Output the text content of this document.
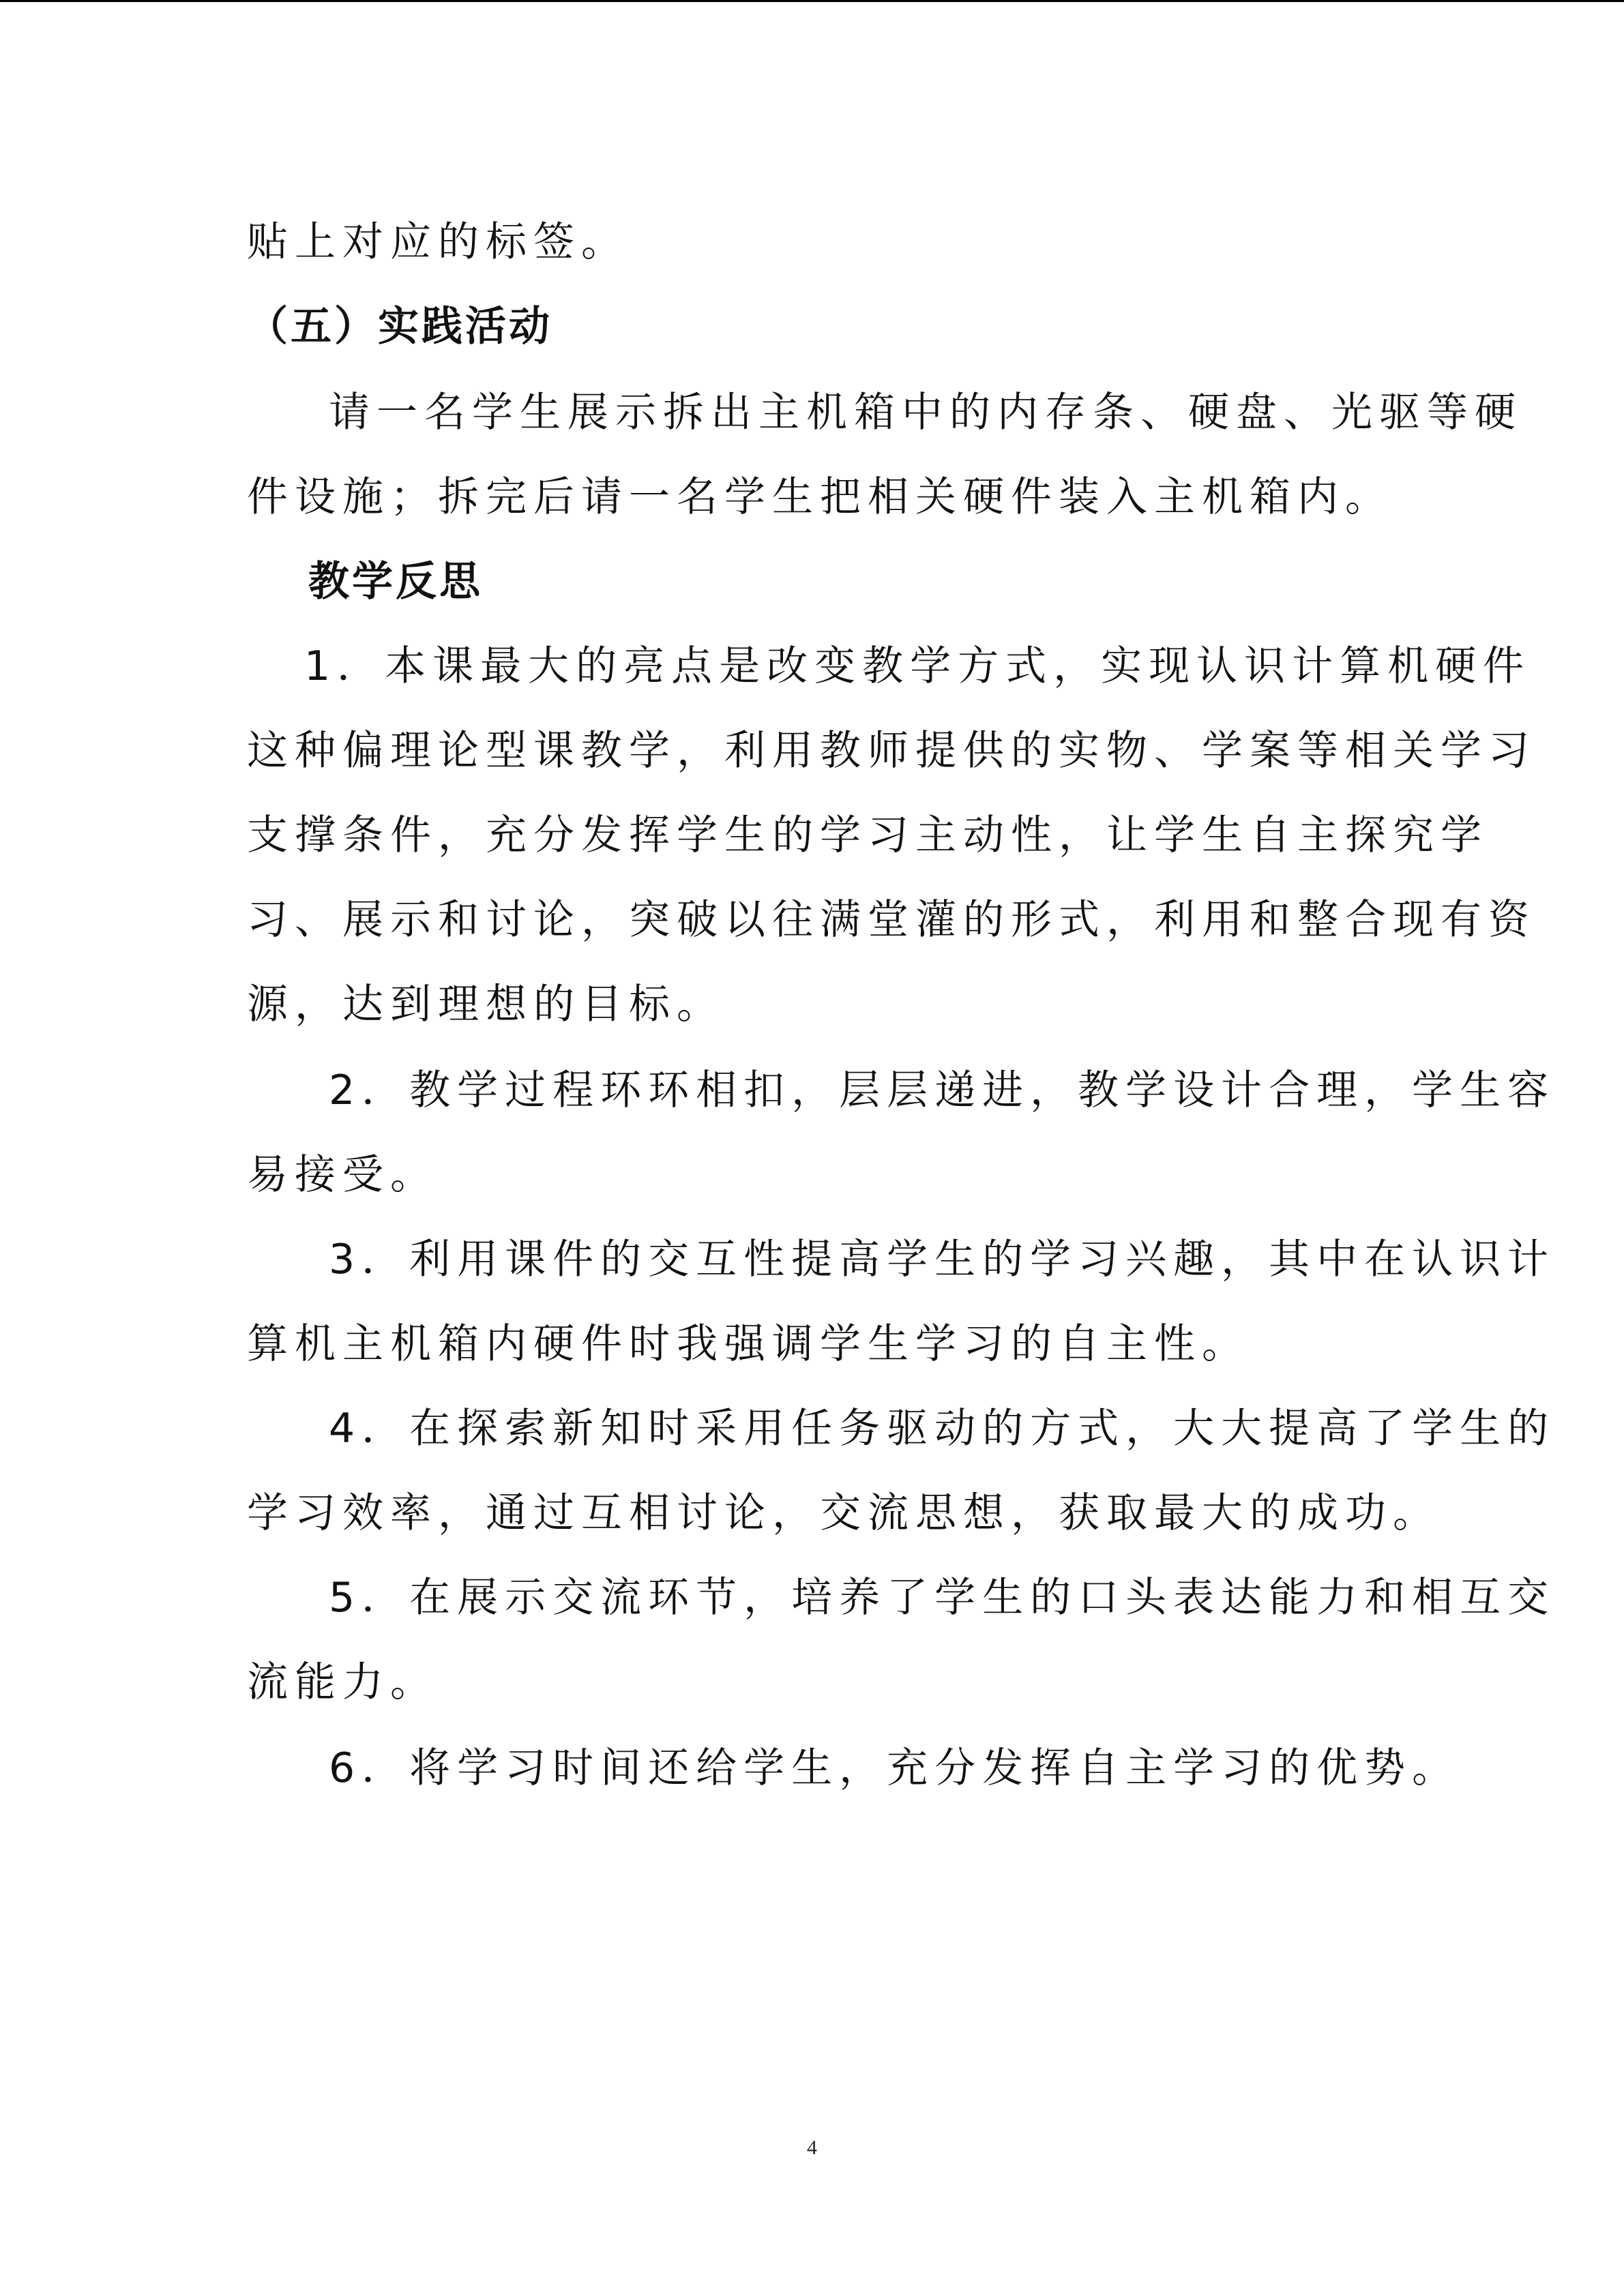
贴上对应的标签。
（五）实践活动
请一名学生展示拆出主机箱中的内存条、硬盘、光驱等硬
件设施；拆完后请一名学生把相关硬件装入主机箱内。
教学反思
1．本课最大的亮点是改变教学方式，实现认识计算机硬件
这种偏理论型课教学，利用教师提供的实物、学案等相关学习
支撑条件，充分发挥学生的学习主动性，让学生自主探究学
习、展示和讨论，突破以往满堂灌的形式，利用和整合现有资
源，达到理想的目标。
2．教学过程环环相扣，层层递进，教学设计合理，学生容
易接受。
3．利用课件的交互性提高学生的学习兴趣，其中在认识计
算机主机箱内硬件时我强调学生学习的自主性。
4．在探索新知时采用任务驱动的方式，大大提高了学生的
学习效率，通过互相讨论，交流思想，获取最大的成功。
5．在展示交流环节，培养了学生的口头表达能力和相互交
流能力。
6．将学习时间还给学生，充分发挥自主学习的优势。
4
